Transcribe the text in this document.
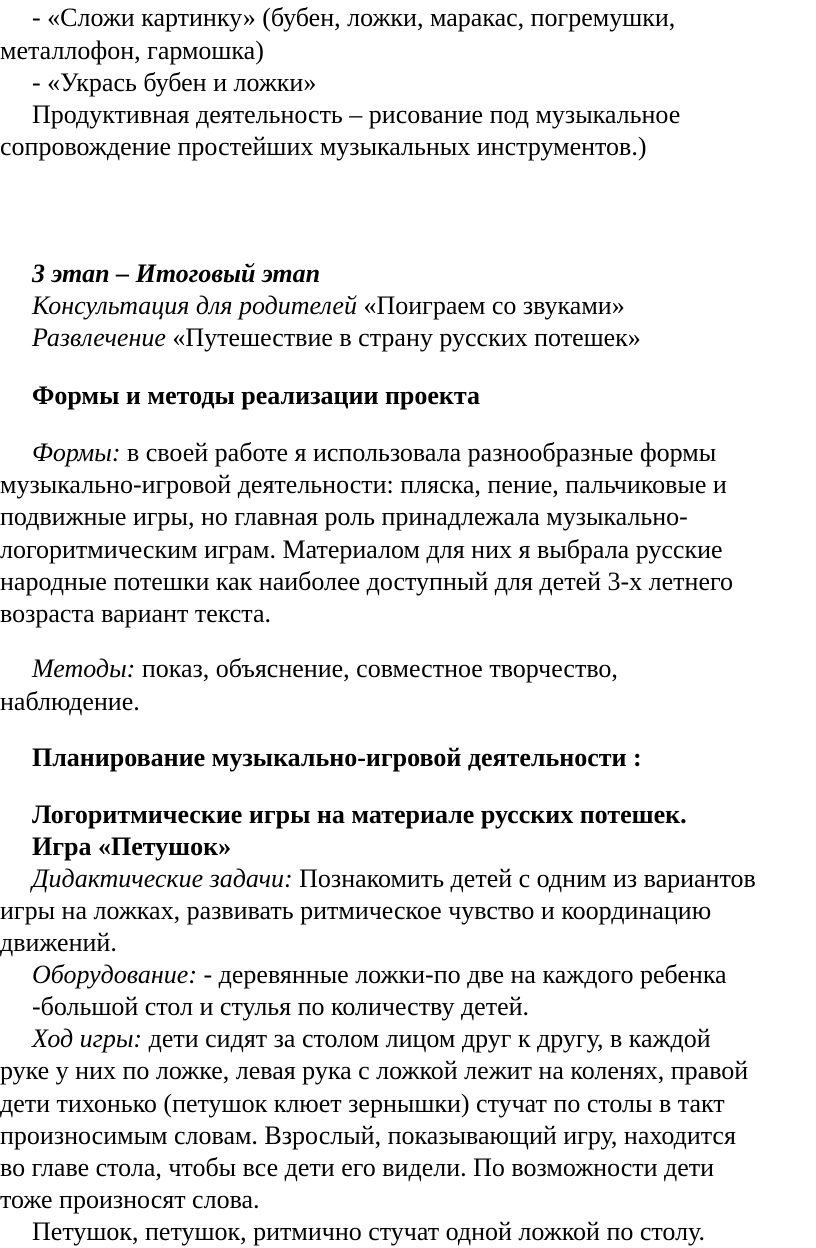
- «Сложи картинку» (бубен, ложки, маракас, погремушки,
металлофон, гармошка)
- «Укрась бубен и ложки»
Продуктивная деятельность – рисование под музыкальное
сопровождение простейших музыкальных инструментов.)
3 этап – Итоговый этап
Консультация для родителей «Поиграем со звуками»
Развлечение «Путешествие в страну русских потешек»
Формы и методы реализации проекта
Формы: в своей работе я использовала разнообразные формы
музыкально-игровой деятельности: пляска, пение, пальчиковые и
подвижные игры, но главная роль принадлежала музыкально-
логоритмическим играм. Материалом для них я выбрала русские
народные потешки как наиболее доступный для детей 3-х летнего
возраста вариант текста.
Методы: показ, объяснение, совместное творчество,
наблюдение.
Планирование музыкально-игровой деятельности :
Логоритмические игры на материале русских потешек.
Игра «Петушок»
Дидактические задачи: Познакомить детей с одним из вариантов
игры на ложках, развивать ритмическое чувство и координацию
движений.
Оборудование: - деревянные ложки-по две на каждого ребенка
-большой стол и стулья по количеству детей.
Ход игры: дети сидят за столом лицом друг к другу, в каждой
руке у них по ложке, левая рука с ложкой лежит на коленях, правой
дети тихонько (петушок клюет зернышки) стучат по столы в такт
произносимым словам. Взрослый, показывающий игру, находится
во главе стола, чтобы все дети его видели. По возможности дети
тоже произносят слова.
Петушок, петушок, ритмично стучат одной ложкой по столу.
